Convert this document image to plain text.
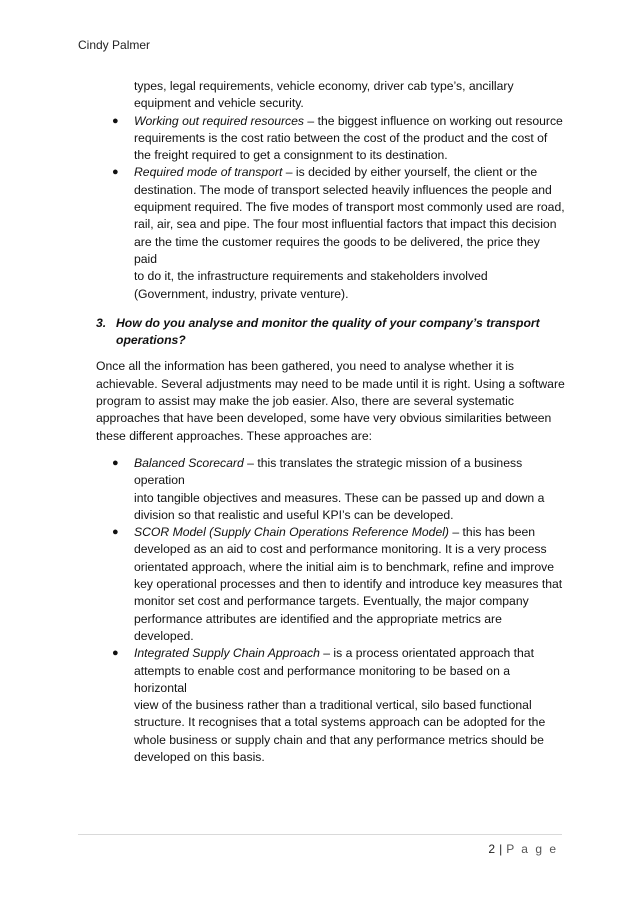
Cindy Palmer
types, legal requirements, vehicle economy, driver cab type’s, ancillary
equipment and vehicle security.
● Working out required resources – the biggest influence on working out resource
requirements is the cost ratio between the cost of the product and the cost of
the freight required to get a consignment to its destination.
● Required mode of transport – is decided by either yourself, the client or the
destination. The mode of transport selected heavily influences the people and
equipment required. The five modes of transport most commonly used are road,
rail, air, sea and pipe. The four most influential factors that impact this decision
are the time the customer requires the goods to be delivered, the price they paid
to do it, the infrastructure requirements and stakeholders involved
(Government, industry, private venture).
3. How do you analyse and monitor the quality of your company’s transport
operations?
Once all the information has been gathered, you need to analyse whether it is
achievable. Several adjustments may need to be made until it is right. Using a software
program to assist may make the job easier. Also, there are several systematic
approaches that have been developed, some have very obvious similarities between
these different approaches. These approaches are:
● Balanced Scorecard – this translates the strategic mission of a business operation
into tangible objectives and measures. These can be passed up and down a
division so that realistic and useful KPI’s can be developed.
● SCOR Model (Supply Chain Operations Reference Model) – this has been
developed as an aid to cost and performance monitoring. It is a very process
orientated approach, where the initial aim is to benchmark, refine and improve
key operational processes and then to identify and introduce key measures that
monitor set cost and performance targets. Eventually, the major company
performance attributes are identified and the appropriate metrics are
developed.
● Integrated Supply Chain Approach – is a process orientated approach that
attempts to enable cost and performance monitoring to be based on a horizontal
view of the business rather than a traditional vertical, silo based functional
structure. It recognises that a total systems approach can be adopted for the
whole business or supply chain and that any performance metrics should be
developed on this basis.
2 | P a g e
